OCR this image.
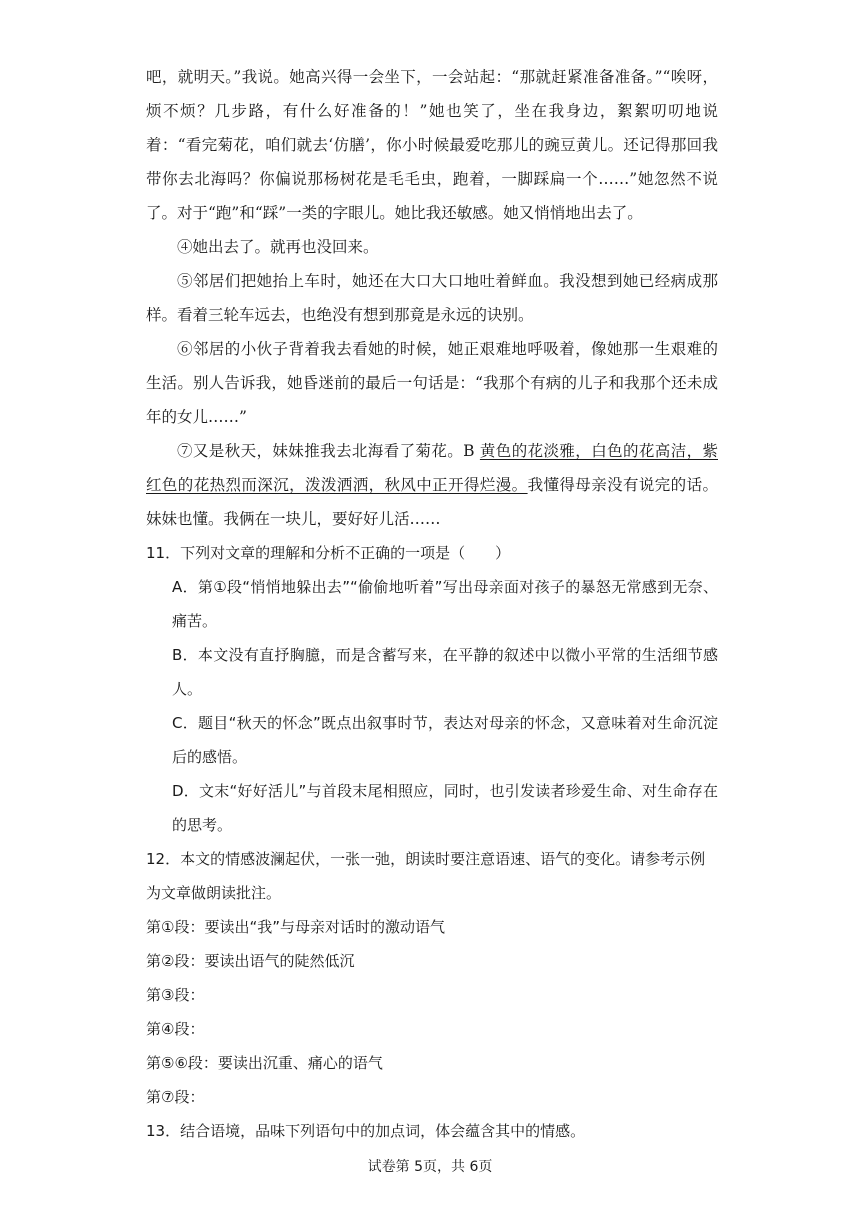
吧，就明天。”我说。她高兴得一会坐下，一会站起：“那就赶紧准备准备。”“唉呀，烦不烦？几步路，有什么好准备的！”她也笑了，坐在我身边，絮絮叨叨地说着：“看完菊花，咱们就去‘仿膳’，你小时候最爱吃那儿的豌豆黄儿。还记得那回我带你去北海吗？你偏说那杨树花是毛毛虫，跑着，一脚踩扁一个……”她忽然不说了。对于“跑”和“踩”一类的字眼儿。她比我还敏感。她又悄悄地出去了。

④她出去了。就再也没回来。

⑤邻居们把她抬上车时，她还在大口大口地吐着鲜血。我没想到她已经病成那样。看着三轮车远去，也绝没有想到那竟是永远的诀别。

⑥邻居的小伙子背着我去看她的时候，她正艰难地呼吸着，像她那一生艰难的生活。别人告诉我，她昏迷前的最后一句话是：“我那个有病的儿子和我那个还未成年的女儿……”

⑦又是秋天，妹妹推我去北海看了菊花。B 黄色的花淡雅，白色的花高洁，紫红色的花热烈而深沉，泼泼洒洒，秋风中正开得烂漫。我懂得母亲没有说完的话。妹妹也懂。我俩在一块儿，要好好儿活……

11．下列对文章的理解和分析不正确的一项是（　　）

A．第①段“悄悄地躲出去”“偷偷地听着”写出母亲面对孩子的暴怒无常感到无奈、痛苦。

B．本文没有直抒胸臆，而是含蓄写来，在平静的叙述中以微小平常的生活细节感人。

C．题目“秋天的怀念”既点出叙事时节，表达对母亲的怀念，又意味着对生命沉淀后的感悟。

D．文末“好好活儿”与首段末尾相照应，同时，也引发读者珍爱生命、对生命存在的思考。

12．本文的情感波澜起伏，一张一弛，朗读时要注意语速、语气的变化。请参考示例为文章做朗读批注。

第①段：要读出“我”与母亲对话时的激动语气

第②段：要读出语气的陡然低沉

第③段：

第④段：

第⑤⑥段：要读出沉重、痛心的语气

第⑦段：

13．结合语境，品味下列语句中的加点词，体会蕴含其中的情感。

试卷第 5页，共 6页
